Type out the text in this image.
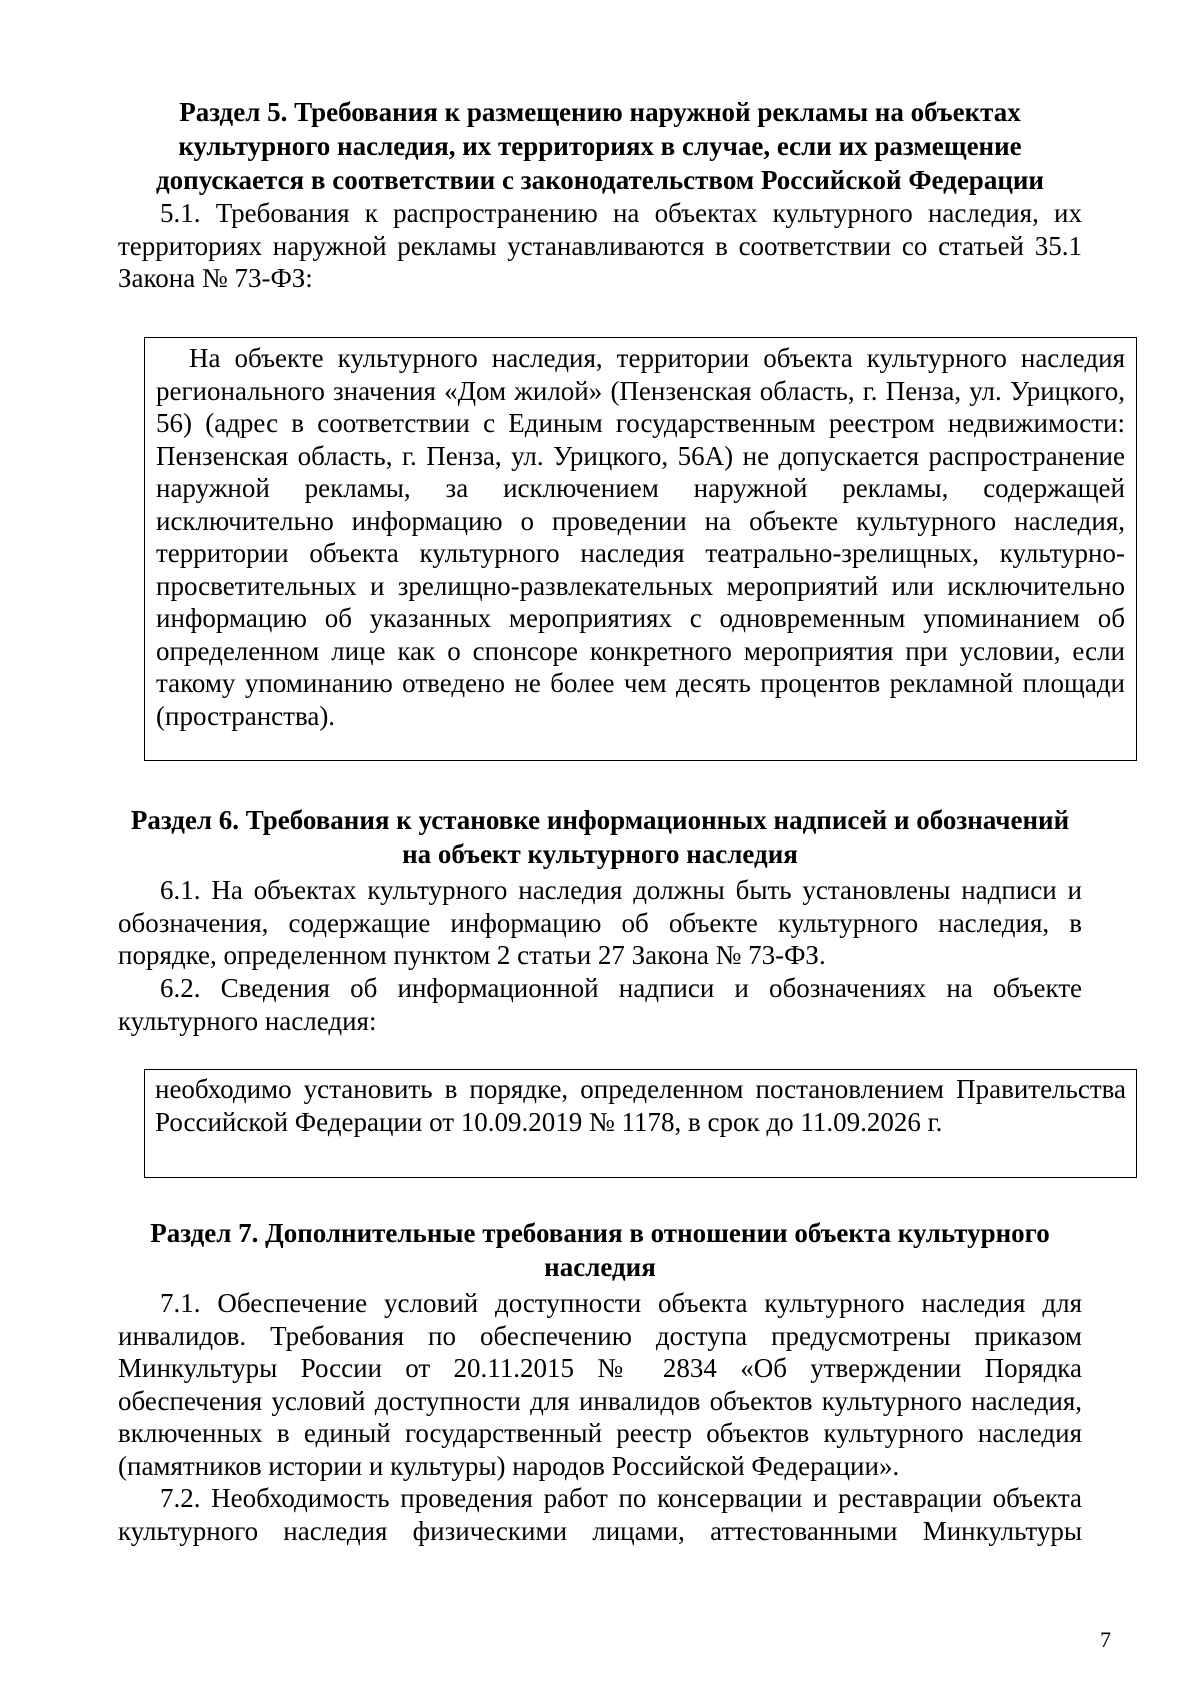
Раздел 5. Требования к размещению наружной рекламы на объектах культурного наследия, их территориях в случае, если их размещение допускается в соответствии с законодательством Российской Федерации

5.1. Требования к распространению на объектах культурного наследия, их территориях наружной рекламы устанавливаются в соответствии со статьей 35.1 Закона № 73-ФЗ:

На объекте культурного наследия, территории объекта культурного наследия регионального значения «Дом жилой» (Пензенская область, г. Пенза, ул. Урицкого, 56) (адрес в соответствии с Единым государственным реестром недвижимости: Пензенская область, г. Пенза, ул. Урицкого, 56А) не допускается распространение наружной рекламы, за исключением наружной рекламы, содержащей исключительно информацию о проведении на объекте культурного наследия, территории объекта культурного наследия театрально-зрелищных, культурно-просветительных и зрелищно-развлекательных мероприятий или исключительно информацию об указанных мероприятиях с одновременным упоминанием об определенном лице как о спонсоре конкретного мероприятия при условии, если такому упоминанию отведено не более чем десять процентов рекламной площади (пространства).

Раздел 6. Требования к установке информационных надписей и обозначений на объект культурного наследия

6.1. На объектах культурного наследия должны быть установлены надписи и обозначения, содержащие информацию об объекте культурного наследия, в порядке, определенном пунктом 2 статьи 27 Закона № 73-ФЗ.

6.2. Сведения об информационной надписи и обозначениях на объекте культурного наследия:

необходимо установить в порядке, определенном постановлением Правительства Российской Федерации от 10.09.2019 № 1178, в срок до 11.09.2026 г.

Раздел 7. Дополнительные требования в отношении объекта культурного наследия

7.1. Обеспечение условий доступности объекта культурного наследия для инвалидов. Требования по обеспечению доступа предусмотрены приказом Минкультуры России от 20.11.2015 № 2834 «Об утверждении Порядка обеспечения условий доступности для инвалидов объектов культурного наследия, включенных в единый государственный реестр объектов культурного наследия (памятников истории и культуры) народов Российской Федерации».

7.2. Необходимость проведения работ по консервации и реставрации объекта культурного наследия физическими лицами, аттестованными Минкультуры

7
